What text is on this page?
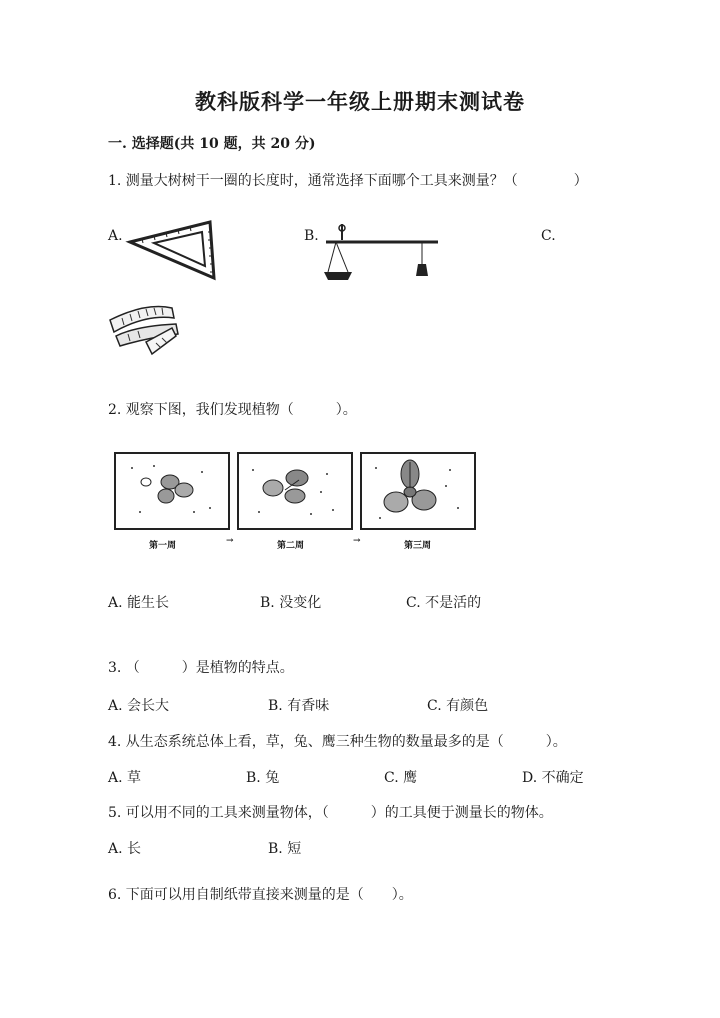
教科版科学一年级上册期末测试卷
一. 选择题(共 10 题，共 20 分)
1. 测量大树树干一圈的长度时，通常选择下面哪个工具来测量？（　　　　）
A.	B.	C.
2. 观察下图，我们发现植物（　　　）。
第一周	→	第二周	→	第三周
A. 能生长	B. 没变化	C. 不是活的
3. （　　　）是植物的特点。
A. 会长大	B. 有香味	C. 有颜色
4. 从生态系统总体上看，草，兔、鹰三种生物的数量最多的是（　　　）。
A. 草	B. 兔	C. 鹰	D. 不确定
5. 可以用不同的工具来测量物体，（　　　）的工具便于测量长的物体。
A. 长	B. 短
6. 下面可以用自制纸带直接来测量的是（　　）。
